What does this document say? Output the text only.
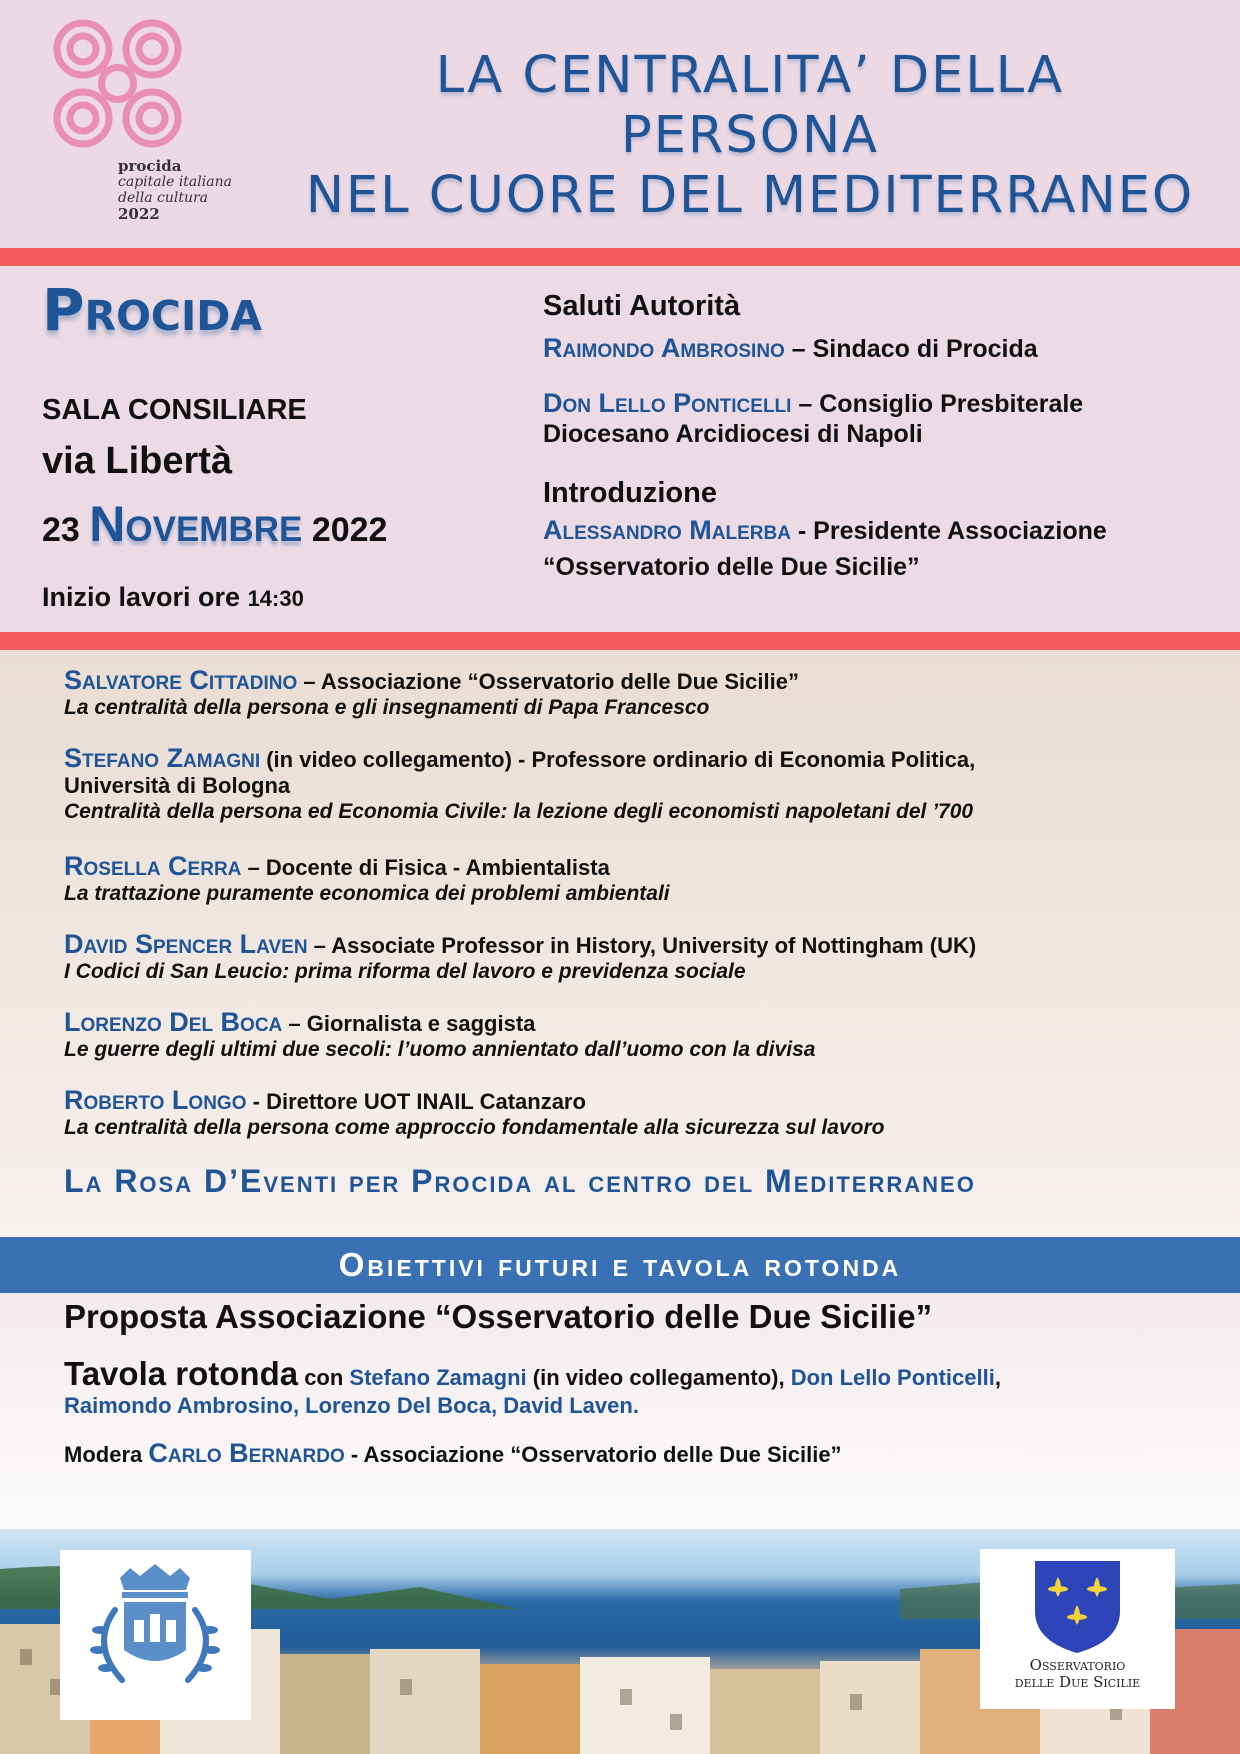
procida
capitale italiana
della cultura
2022
LA CENTRALITA’ DELLA PERSONA
NEL CUORE DEL MEDITERRANEO
Procida
SALA CONSILIARE
via Libertà
23 Novembre 2022
Inizio lavori ore 14:30
Saluti Autorità
Raimondo Ambrosino – Sindaco di Procida
Don Lello Ponticelli – Consiglio Presbiterale
Diocesano Arcidiocesi di Napoli
Introduzione
Alessandro Malerba - Presidente Associazione
“Osservatorio delle Due Sicilie”
Salvatore Cittadino – Associazione “Osservatorio delle Due Sicilie”
La centralità della persona e gli insegnamenti di Papa Francesco
Stefano Zamagni (in video collegamento) - Professore ordinario di Economia Politica,
Università di Bologna
Centralità della persona ed Economia Civile: la lezione degli economisti napoletani del ’700
Rosella Cerra – Docente di Fisica - Ambientalista
La trattazione puramente economica dei problemi ambientali
David Spencer Laven – Associate Professor in History, University of Nottingham (UK)
I Codici di San Leucio: prima riforma del lavoro e previdenza sociale
Lorenzo Del Boca – Giornalista e saggista
Le guerre degli ultimi due secoli: l’uomo annientato dall’uomo con la divisa
Roberto Longo - Direttore UOT INAIL Catanzaro
La centralità della persona come approccio fondamentale alla sicurezza sul lavoro
La Rosa D’Eventi per Procida al centro del Mediterraneo
Obiettivi futuri e tavola rotonda
Proposta Associazione “Osservatorio delle Due Sicilie”
Tavola rotonda con Stefano Zamagni (in video collegamento), Don Lello Ponticelli,
Raimondo Ambrosino, Lorenzo Del Boca, David Laven.
Modera Carlo Bernardo - Associazione “Osservatorio delle Due Sicilie”
Osservatorio
delle Due Sicilie
